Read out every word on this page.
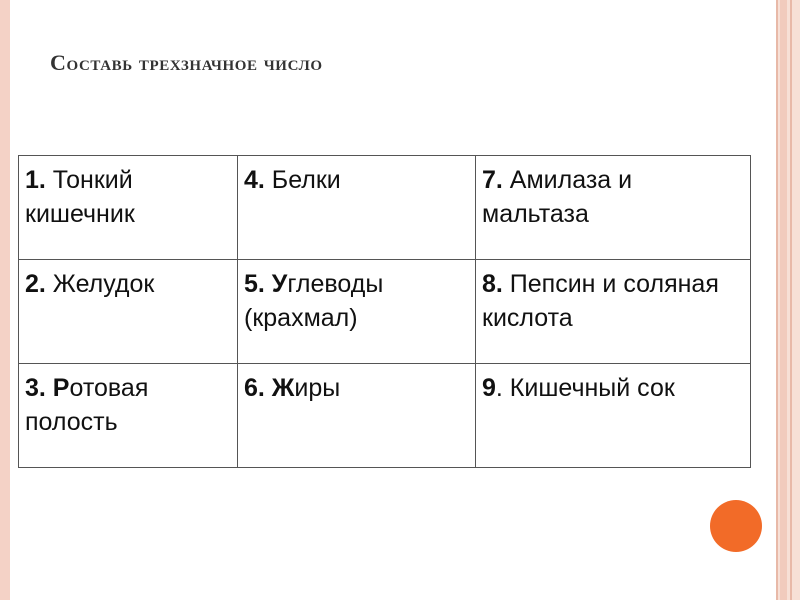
Составь трехзначное число
1. Тонкий кишечник	4. Белки	7. Амилаза и мальтаза
2. Желудок	5. Углеводы (крахмал)	8. Пепсин и соляная кислота
3. Ротовая полость	6. Жиры	9. Кишечный сок
